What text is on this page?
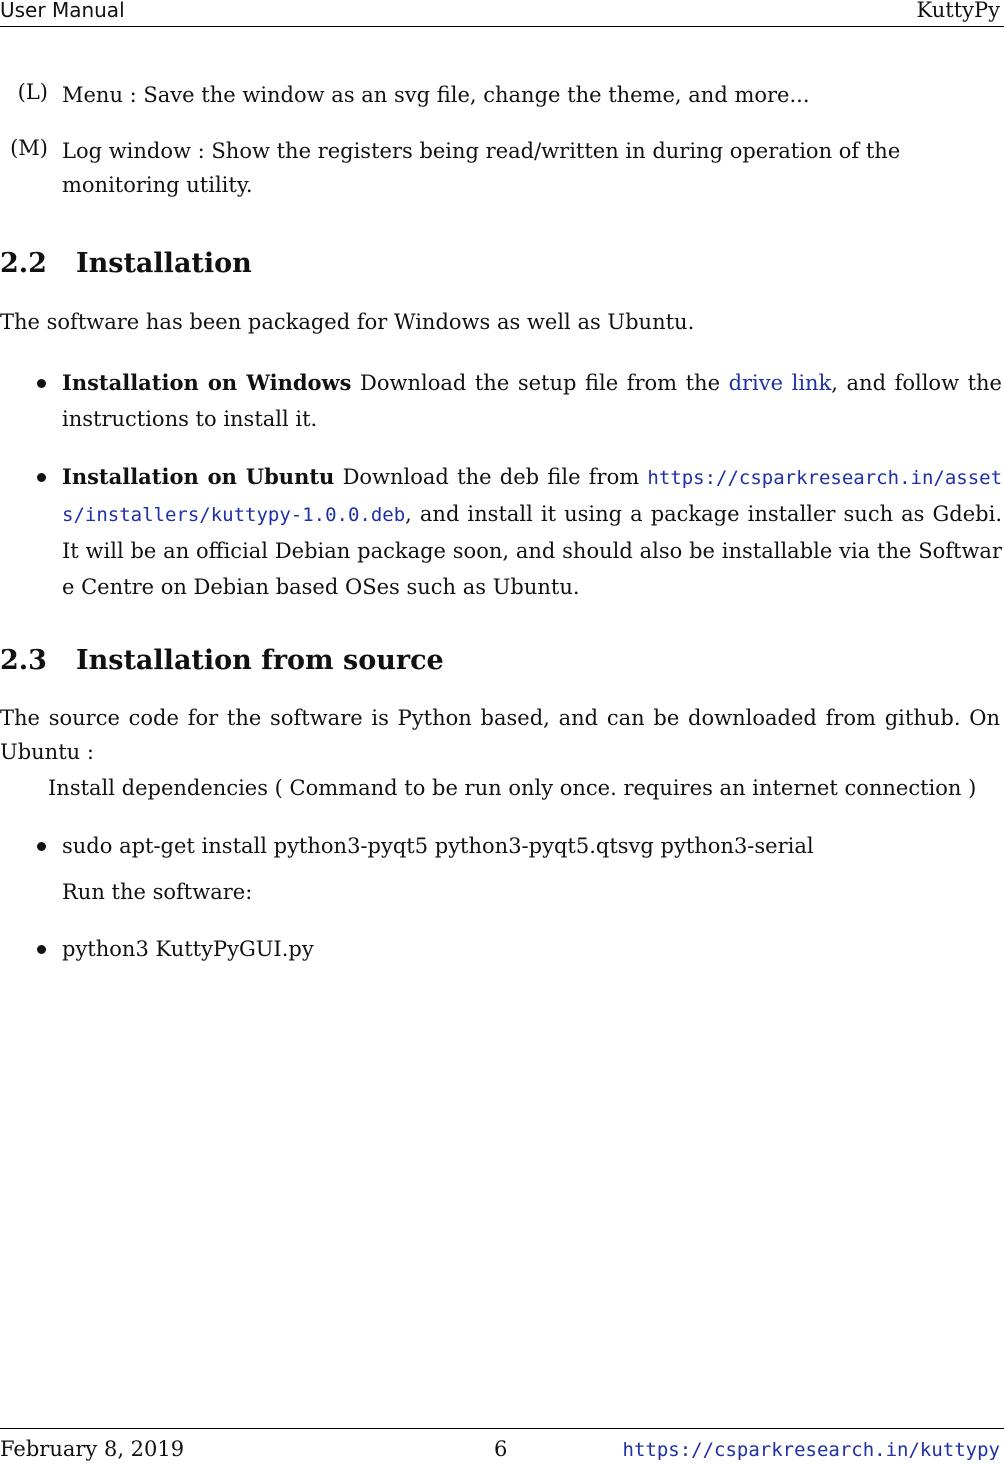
User Manual	KuttyPy
(L) Menu : Save the window as an svg file, change the theme, and more...
(M) Log window : Show the registers being read/written in during operation of the monitoring utility.
2.2 Installation
The software has been packaged for Windows as well as Ubuntu.
Installation on Windows Download the setup file from the drive link, and follow the instructions to install it.
Installation on Ubuntu Download the deb file from https://csparkresearch.in/assets/installers/kuttypy-1.0.0.deb, and install it using a package installer such as Gdebi. It will be an official Debian package soon, and should also be installable via the Software Centre on Debian based OSes such as Ubuntu.
2.3 Installation from source
The source code for the software is Python based, and can be downloaded from github. On Ubuntu :
Install dependencies ( Command to be run only once. requires an internet connection )
sudo apt-get install python3-pyqt5 python3-pyqt5.qtsvg python3-serial
Run the software:
python3 KuttyPyGUI.py
February 8, 2019	6	https://csparkresearch.in/kuttypy
